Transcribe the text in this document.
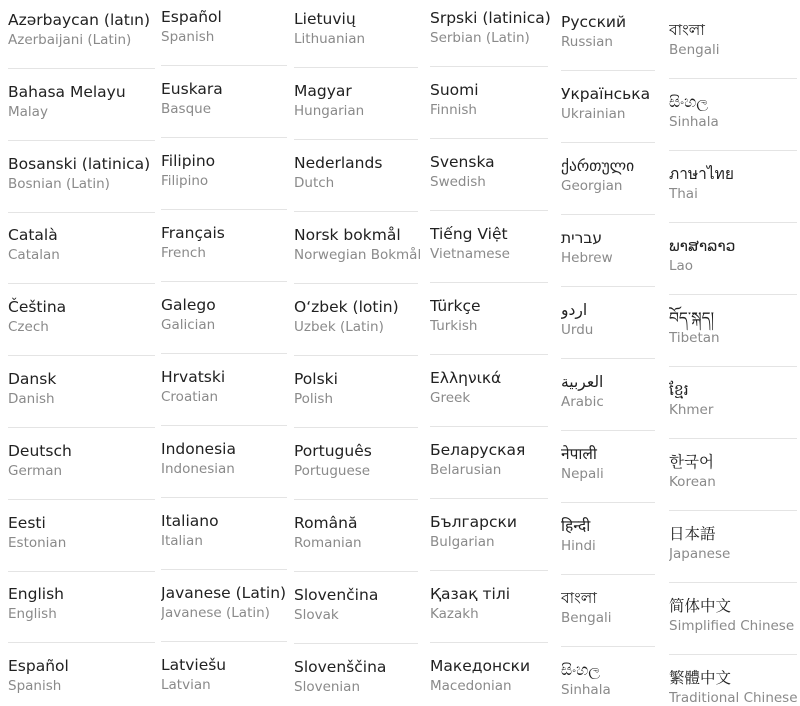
Azərbaycan (latın)
Azerbaijani (Latin)
Bahasa Melayu
Malay
Bosanski (latinica)
Bosnian (Latin)
Català
Catalan
Čeština
Czech
Dansk
Danish
Deutsch
German
Eesti
Estonian
English
English
Español
Spanish
Español
Spanish
Euskara
Basque
Filipino
Filipino
Français
French
Galego
Galician
Hrvatski
Croatian
Indonesia
Indonesian
Italiano
Italian
Javanese (Latin)
Javanese (Latin)
Latviešu
Latvian
Lietuvių
Lithuanian
Magyar
Hungarian
Nederlands
Dutch
Norsk bokmål
Norwegian Bokmål
O‘zbek (lotin)
Uzbek (Latin)
Polski
Polish
Português
Portuguese
Română
Romanian
Slovenčina
Slovak
Slovenščina
Slovenian
Srpski (latinica)
Serbian (Latin)
Suomi
Finnish
Svenska
Swedish
Tiếng Việt
Vietnamese
Türkçe
Turkish
Ελληνικά
Greek
Беларуская
Belarusian
Български
Bulgarian
Қазақ тілі
Kazakh
Македонски
Macedonian
Русский
Russian
Українська
Ukrainian
ქართული
Georgian
עברית
Hebrew
اردو
Urdu
العربية
Arabic
नेपाली
Nepali
हिन्दी
Hindi
বাংলা
Bengali
සිංහල
Sinhala
বাংলা
Bengali
සිංහල
Sinhala
ภาษาไทย
Thai
ພາສາລາວ
Lao
བོད་སྐད།
Tibetan
ខ្មែរ
Khmer
한국어
Korean
日本語
Japanese
简体中文
Simplified Chinese
繁體中文
Traditional Chinese
